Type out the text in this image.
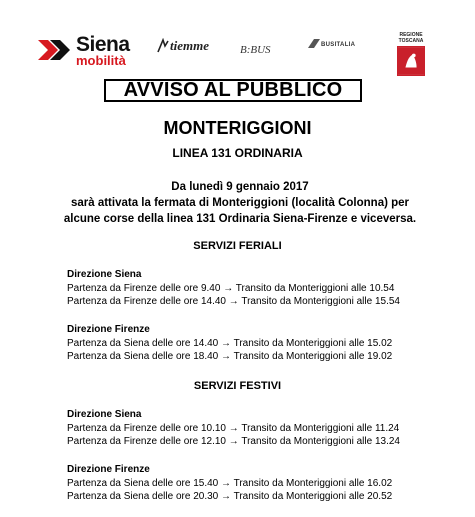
Siena
mobilità
tiemme	B:BUS	BUSITALIA
REGIONE
TOSCANA
AVVISO AL PUBBLICO
MONTERIGGIONI
LINEA 131 ORDINARIA
Da lunedì 9 gennaio 2017
sarà attivata la fermata di Monteriggioni (località Colonna) per
alcune corse della linea 131 Ordinaria Siena-Firenze e viceversa.
SERVIZI FERIALI
Direzione Siena
Partenza da Firenze delle ore 9.40 → Transito da Monteriggioni alle 10.54
Partenza da Firenze delle ore 14.40 → Transito da Monteriggioni alle 15.54
Direzione Firenze
Partenza da Siena delle ore 14.40 → Transito da Monteriggioni alle 15.02
Partenza da Siena delle ore 18.40 → Transito da Monteriggioni alle 19.02
SERVIZI FESTIVI
Direzione Siena
Partenza da Firenze delle ore 10.10 → Transito da Monteriggioni alle 11.24
Partenza da Firenze delle ore 12.10 → Transito da Monteriggioni alle 13.24
Direzione Firenze
Partenza da Siena delle ore 15.40 → Transito da Monteriggioni alle 16.02
Partenza da Siena delle ore 20.30 → Transito da Monteriggioni alle 20.52
